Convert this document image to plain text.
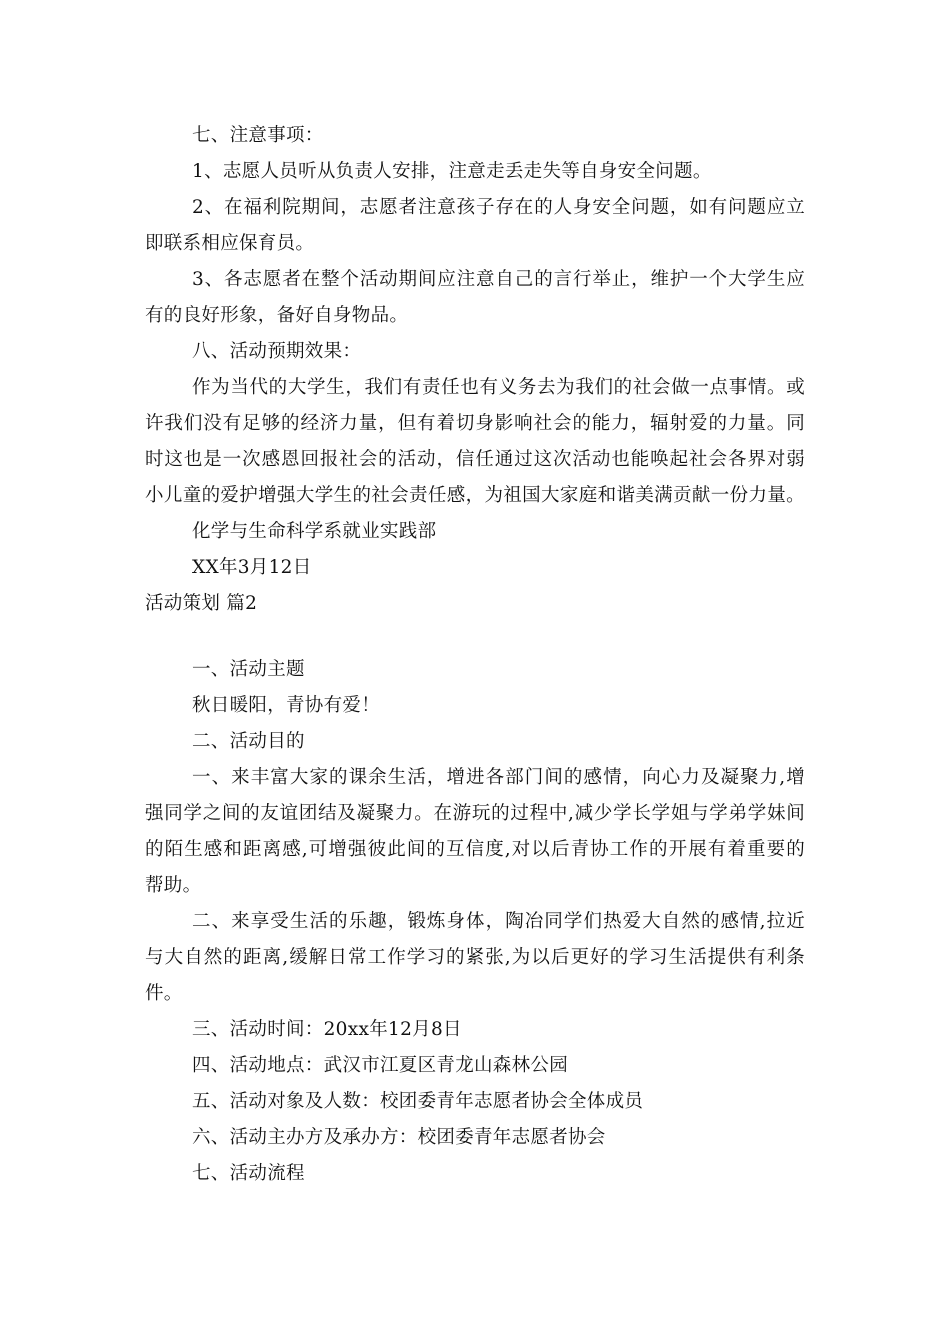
七、注意事项：
1、志愿人员听从负责人安排，注意走丢走失等自身安全问题。
2、在福利院期间，志愿者注意孩子存在的人身安全问题，如有问题应立
即联系相应保育员。
3、各志愿者在整个活动期间应注意自己的言行举止，维护一个大学生应
有的良好形象，备好自身物品。
八、活动预期效果：
作为当代的大学生，我们有责任也有义务去为我们的社会做一点事情。或
许我们没有足够的经济力量，但有着切身影响社会的能力，辐射爱的力量。同
时这也是一次感恩回报社会的活动，信任通过这次活动也能唤起社会各界对弱
小儿童的爱护增强大学生的社会责任感，为祖国大家庭和谐美满贡献一份力量。
化学与生命科学系就业实践部
XX年3月12日
活动策划 篇2
一、活动主题
秋日暖阳，青协有爱！
二、活动目的
一、来丰富大家的课余生活，增进各部门间的感情，向心力及凝聚力,增
强同学之间的友谊团结及凝聚力。在游玩的过程中,减少学长学姐与学弟学妹间
的陌生感和距离感,可增强彼此间的互信度,对以后青协工作的开展有着重要的
帮助。
二、来享受生活的乐趣，锻炼身体，陶冶同学们热爱大自然的感情,拉近
与大自然的距离,缓解日常工作学习的紧张,为以后更好的学习生活提供有利条
件。
三、活动时间：20xx年12月8日
四、活动地点：武汉市江夏区青龙山森林公园
五、活动对象及人数：校团委青年志愿者协会全体成员
六、活动主办方及承办方：校团委青年志愿者协会
七、活动流程
